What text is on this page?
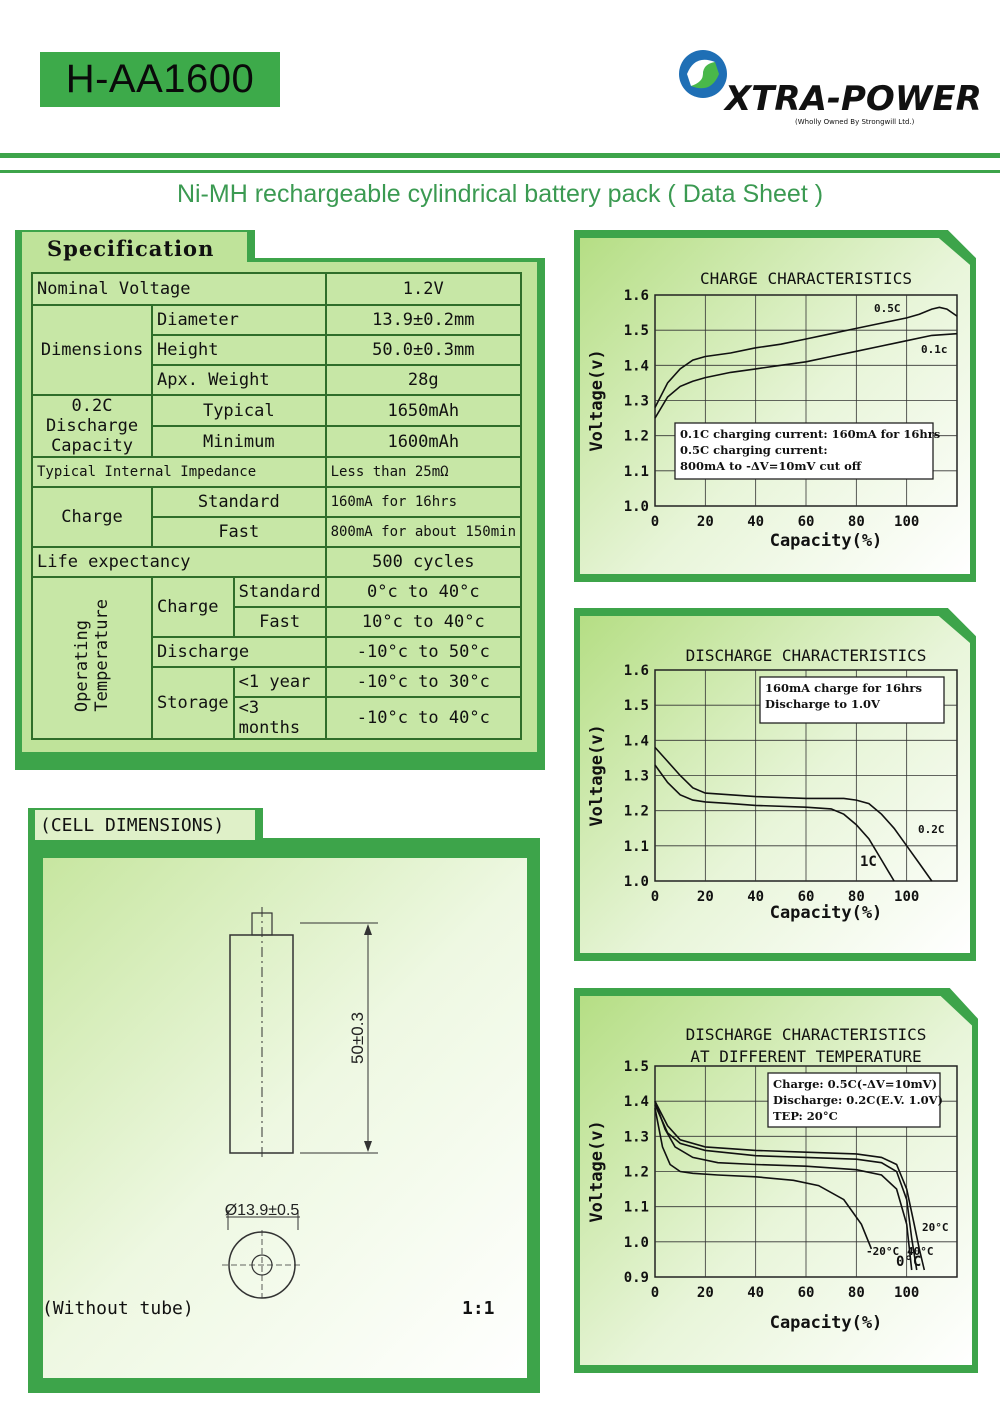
H-AA1600	XTRA-POWER
(Wholly Owned By Strongwill Ltd.)
Ni-MH rechargeable cylindrical battery pack ( Data Sheet )
Specification
Nominal Voltage			1.2V
Dimensions	Diameter		13.9±0.2mm
	Height		50.0±0.3mm
	Apx. Weight		28g
0.2C Discharge
Capacity	Typical		1650mAh
	Minimum		1600mAh
Typical Internal Impedance			Less than 25mΩ
Charge	Standard		160mA for 16hrs
	Fast		800mA for about 150min
Life expectancy			500 cycles
OperatingTemperature	Charge	Standard	0°c to 40°c
		Fast	10°c to 40°c
	Discharge		-10°c to 50°c
	Storage	<1 year	-10°c to 30°c
		<3 months	-10°c to 40°c
(CELL DIMENSIONS)
50±0.3
Ø13.9±0.5
(Without tube)	1:1
0	20 40 60 80 100
1.0
1.1
1.2
1.3
1.4
1.5
1.6
Capacity(%)
Voltage(v)
CHARGE CHARACTERISTICS
0.5C
0.1c
0.1C charging current: 160mA for 16hrs
0.5C charging current:
800mA to -ΔV=10mV cut off
0	20 40 60 80 100
1.0
1.1
1.2
1.3
1.4
1.5
1.6
Capacity(%)
Voltage(v)
DISCHARGE CHARACTERISTICS
0.2C
1C
160mA charge for 16hrs
Discharge to 1.0V
0	20 40 60 80 100
0.9
1.0
1.1
1.2
1.3
1.4
1.5
Capacity(%)
Voltage(v)
DISCHARGE CHARACTERISTICS
AT DIFFERENT TEMPERATURE
20°C
40°C
0°C
-20°C
Charge: 0.5C(-ΔV=10mV)
Discharge: 0.2C(E.V. 1.0V)
TEP: 20°C
